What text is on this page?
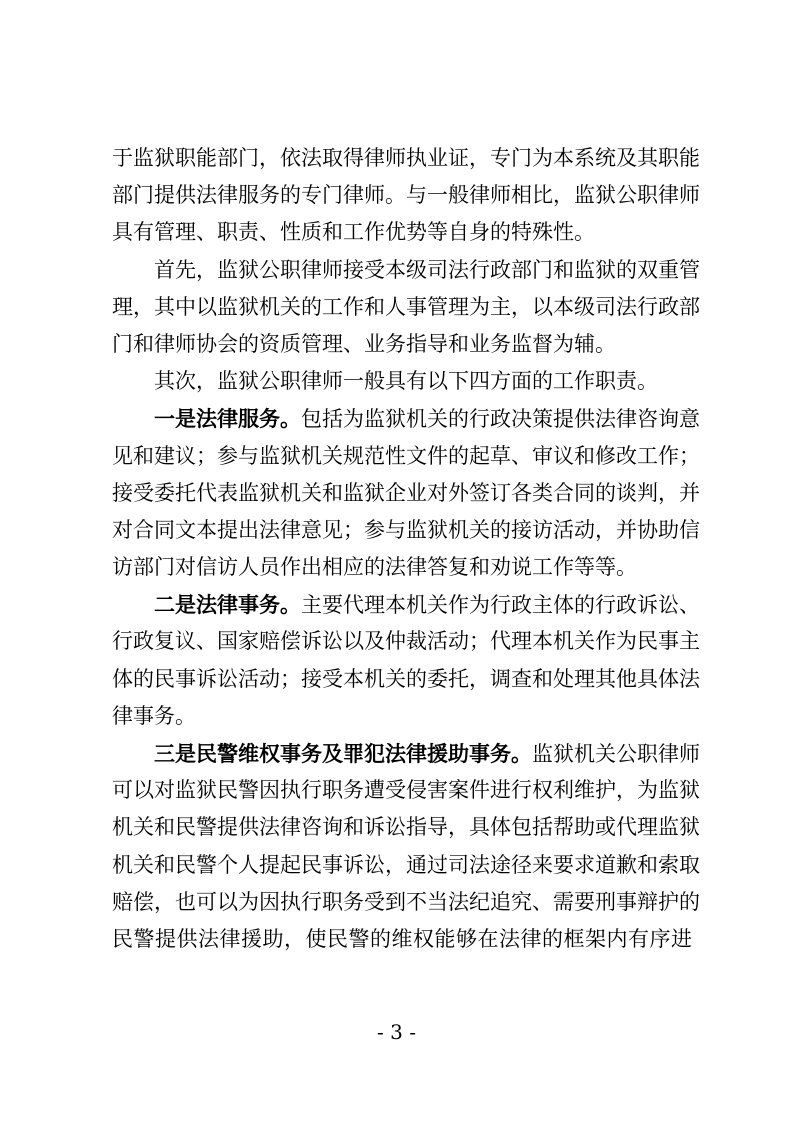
于监狱职能部门，依法取得律师执业证，专门为本系统及其职能
部门提供法律服务的专门律师。与一般律师相比，监狱公职律师
具有管理、职责、性质和工作优势等自身的特殊性。
首先，监狱公职律师接受本级司法行政部门和监狱的双重管
理，其中以监狱机关的工作和人事管理为主，以本级司法行政部
门和律师协会的资质管理、业务指导和业务监督为辅。
其次，监狱公职律师一般具有以下四方面的工作职责。
一是法律服务。包括为监狱机关的行政决策提供法律咨询意
见和建议；参与监狱机关规范性文件的起草、审议和修改工作；
接受委托代表监狱机关和监狱企业对外签订各类合同的谈判，并
对合同文本提出法律意见；参与监狱机关的接访活动，并协助信
访部门对信访人员作出相应的法律答复和劝说工作等等。
二是法律事务。主要代理本机关作为行政主体的行政诉讼、
行政复议、国家赔偿诉讼以及仲裁活动；代理本机关作为民事主
体的民事诉讼活动；接受本机关的委托，调查和处理其他具体法
律事务。
三是民警维权事务及罪犯法律援助事务。监狱机关公职律师
可以对监狱民警因执行职务遭受侵害案件进行权利维护，为监狱
机关和民警提供法律咨询和诉讼指导，具体包括帮助或代理监狱
机关和民警个人提起民事诉讼，通过司法途径来要求道歉和索取
赔偿，也可以为因执行职务受到不当法纪追究、需要刑事辩护的
民警提供法律援助，使民警的维权能够在法律的框架内有序进
- 3 -
